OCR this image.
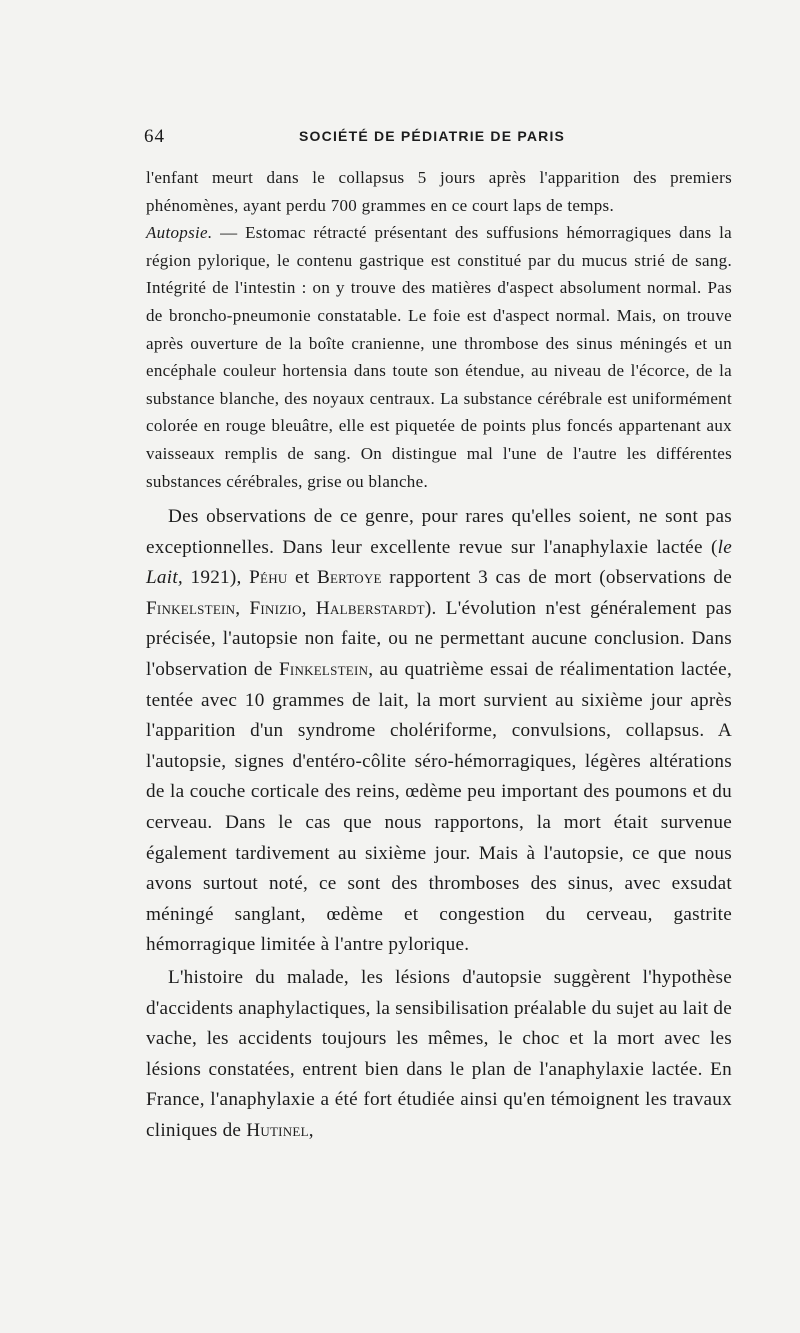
64	SOCIÉTÉ DE PÉDIATRIE DE PARIS

l'enfant meurt dans le collapsus 5 jours après l'apparition des premiers phénomènes, ayant perdu 700 grammes en ce court laps de temps.

Autopsie. — Estomac rétracté présentant des suffusions hémorragiques dans la région pylorique, le contenu gastrique est constitué par du mucus strié de sang. Intégrité de l'intestin : on y trouve des matières d'aspect absolument normal. Pas de broncho-pneumonie constatable. Le foie est d'aspect normal. Mais, on trouve après ouverture de la boîte cranienne, une thrombose des sinus méningés et un encéphale couleur hortensia dans toute son étendue, au niveau de l'écorce, de la substance blanche, des noyaux centraux. La substance cérébrale est uniformément colorée en rouge bleuâtre, elle est piquetée de points plus foncés appartenant aux vaisseaux remplis de sang. On distingue mal l'une de l'autre les différentes substances cérébrales, grise ou blanche.

Des observations de ce genre, pour rares qu'elles soient, ne sont pas exceptionnelles. Dans leur excellente revue sur l'anaphylaxie lactée (le Lait, 1921), Péhu et Bertoye rapportent 3 cas de mort (observations de Finkelstein, Finizio, Halberstardt). L'évolution n'est généralement pas précisée, l'autopsie non faite, ou ne permettant aucune conclusion. Dans l'observation de Finkelstein, au quatrième essai de réalimentation lactée, tentée avec 10 grammes de lait, la mort survient au sixième jour après l'apparition d'un syndrome cholériforme, convulsions, collapsus. A l'autopsie, signes d'entéro-côlite séro-hémorragiques, légères altérations de la couche corticale des reins, œdème peu important des poumons et du cerveau. Dans le cas que nous rapportons, la mort était survenue également tardivement au sixième jour. Mais à l'autopsie, ce que nous avons surtout noté, ce sont des thromboses des sinus, avec exsudat méningé sanglant, œdème et congestion du cerveau, gastrite hémorragique limitée à l'antre pylorique.

L'histoire du malade, les lésions d'autopsie suggèrent l'hypothèse d'accidents anaphylactiques, la sensibilisation préalable du sujet au lait de vache, les accidents toujours les mêmes, le choc et la mort avec les lésions constatées, entrent bien dans le plan de l'anaphylaxie lactée. En France, l'anaphylaxie a été fort étudiée ainsi qu'en témoignent les travaux cliniques de Hutinel,
